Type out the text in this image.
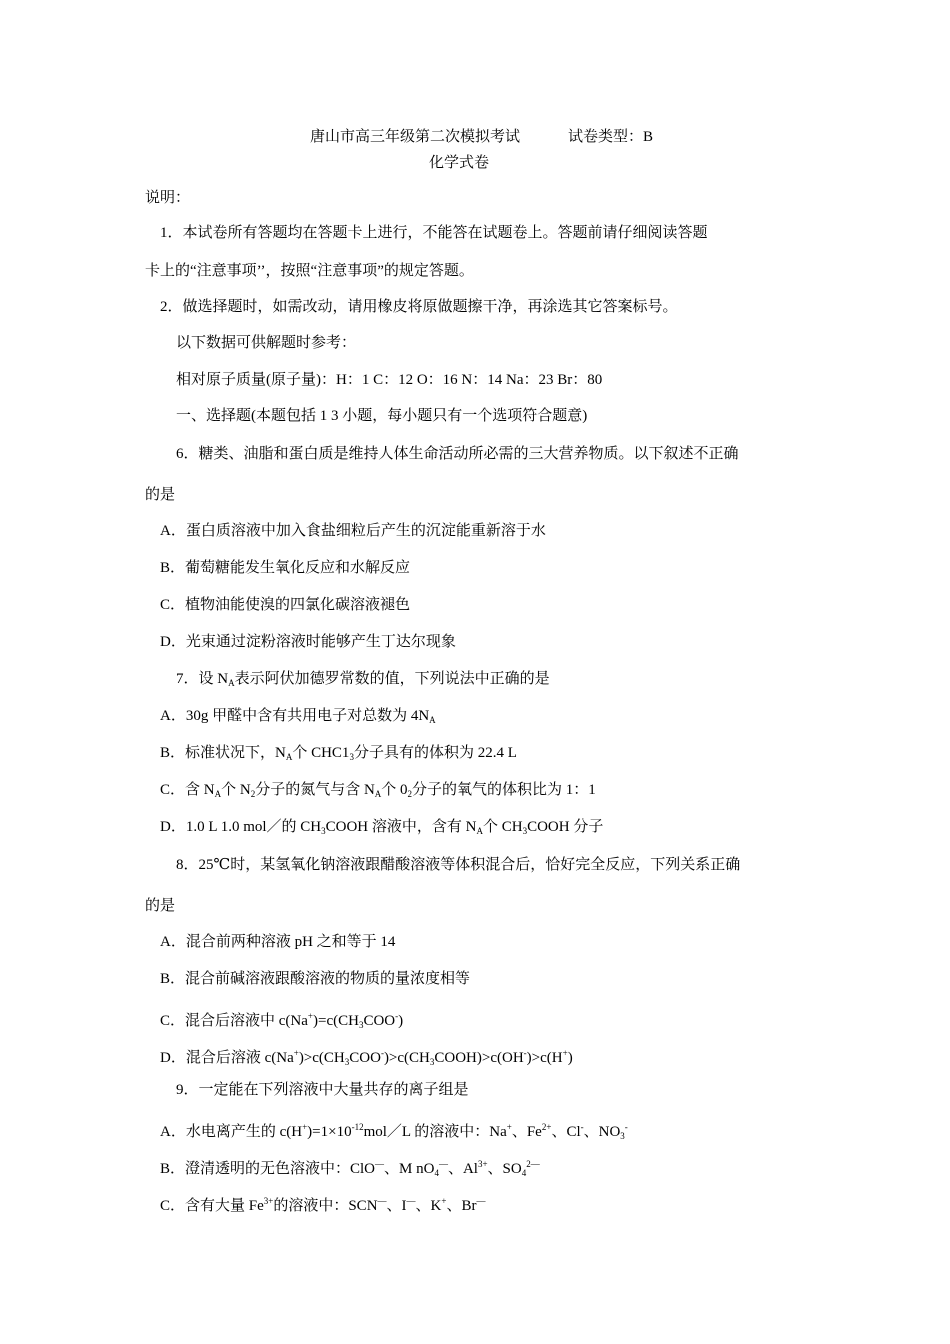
唐山市高三年级第二次模拟考试	试卷类型：B
化学式卷
说明：
1．本试卷所有答题均在答题卡上进行，不能答在试题卷上。答题前请仔细阅读答题
卡上的“注意事项’’，按照“注意事项”的规定答题。
2．做选择题时，如需改动，请用橡皮将原做题擦干净，再涂选其它答案标号。
以下数据可供解题时参考：
相对原子质量(原子量)：H：1 C：12 O：16 N：14 Na：23 Br：80
一、选择题(本题包括 1 3 小题，每小题只有一个选项符合题意)
6．糖类、油脂和蛋白质是维持人体生命活动所必需的三大营养物质。以下叙述不正确
的是
A．蛋白质溶液中加入食盐细粒后产生的沉淀能重新溶于水
B．葡萄糖能发生氧化反应和水解反应
C．植物油能使溴的四氯化碳溶液褪色
D．光束通过淀粉溶液时能够产生丁达尔现象
7．设 $N_A$表示阿伏加德罗常数的值，下列说法中正确的是
A．30g 甲醛中含有共用电子对总数为 $4N_A$
B．标准状况下，$N_A$个 $CHC1_3$分子具有的体积为 22.4 L
C．含 $N_A$个 $N_2$分子的氮气与含 $N_A$个 $0_2$分子的氧气的体积比为 1：1
D．1.0 L 1.0 mol／的 $CH_3COOH$ 溶液中，含有 $N_A$个 $CH_3COOH$ 分子
8．25℃时，某氢氧化钠溶液跟醋酸溶液等体积混合后，恰好完全反应，下列关系正确
的是
A．混合前两种溶液 pH 之和等于 14
B．混合前碱溶液跟酸溶液的物质的量浓度相等
C．混合后溶液中 $c(Na^+)=c(CH_3COO^-)$
D．混合后溶液 $c(Na^+)>c(CH_3COO^-)>c(CH_3COOH)>c(OH^-)>c(H^+)$
9．一定能在下列溶液中大量共存的离子组是
A．水电离产生的 $c(H^+)=1\times 10^{-12}mol/L$ 的溶液中：Na+、$Fe^{2+}$、Cl-、$NO_3^-$
B．澄清透明的无色溶液中：ClO—、M $nO_4^—$、$Al^{3+}$、$SO_4^{2—}$
C．含有大量 $Fe^{3+}$的溶液中：SCN—、I—、K+、Br—
